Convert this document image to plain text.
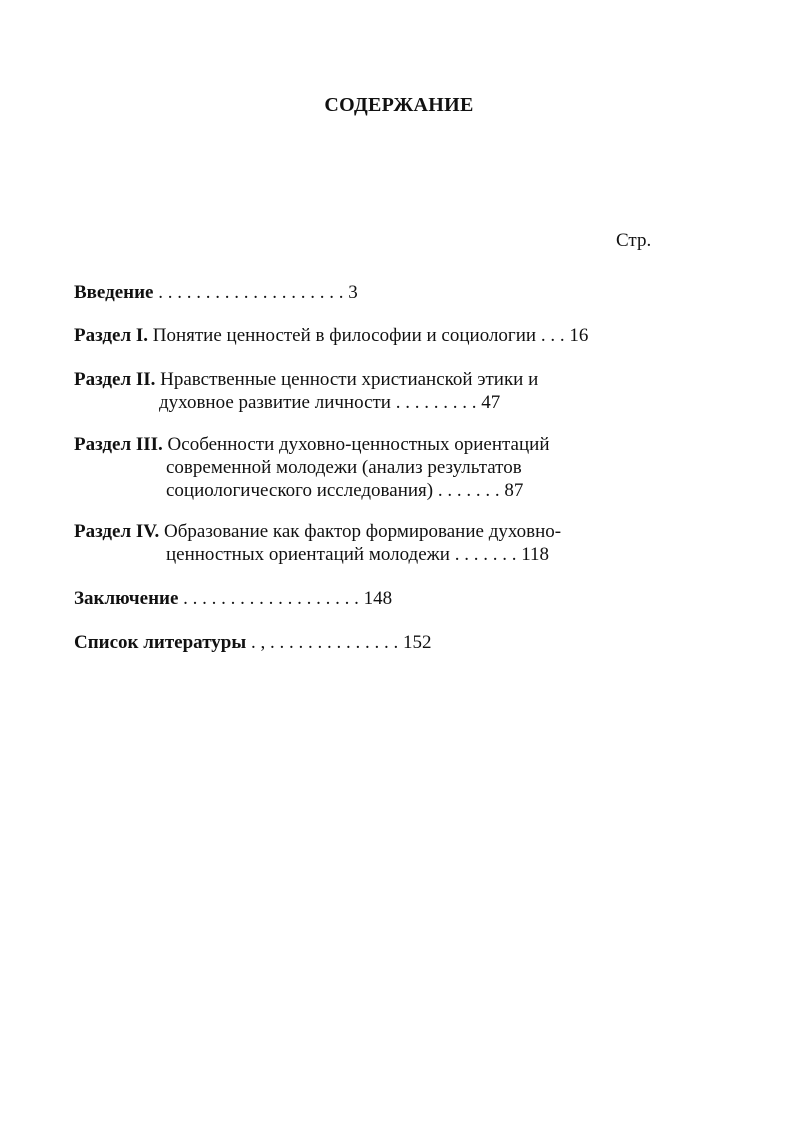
СОДЕРЖАНИЕ
Стр.
Введение . . . . . . . . . . . . . . . . . . . . 3
Раздел I. Понятие ценностей в философии и социологии . . . 16
Раздел II. Нравственные ценности христианской этики и
духовное развитие личности . . . . . . . . . 47
Раздел III. Особенности духовно-ценностных ориентаций
современной молодежи (анализ результатов
социологического исследования) . . . . . . . 87
Раздел IV. Образование как фактор формирование духовно-
ценностных ориентаций молодежи . . . . . . . 118
Заключение . . . . . . . . . . . . . . . . . . . 148
Список литературы . , . . . . . . . . . . . . . . 152
